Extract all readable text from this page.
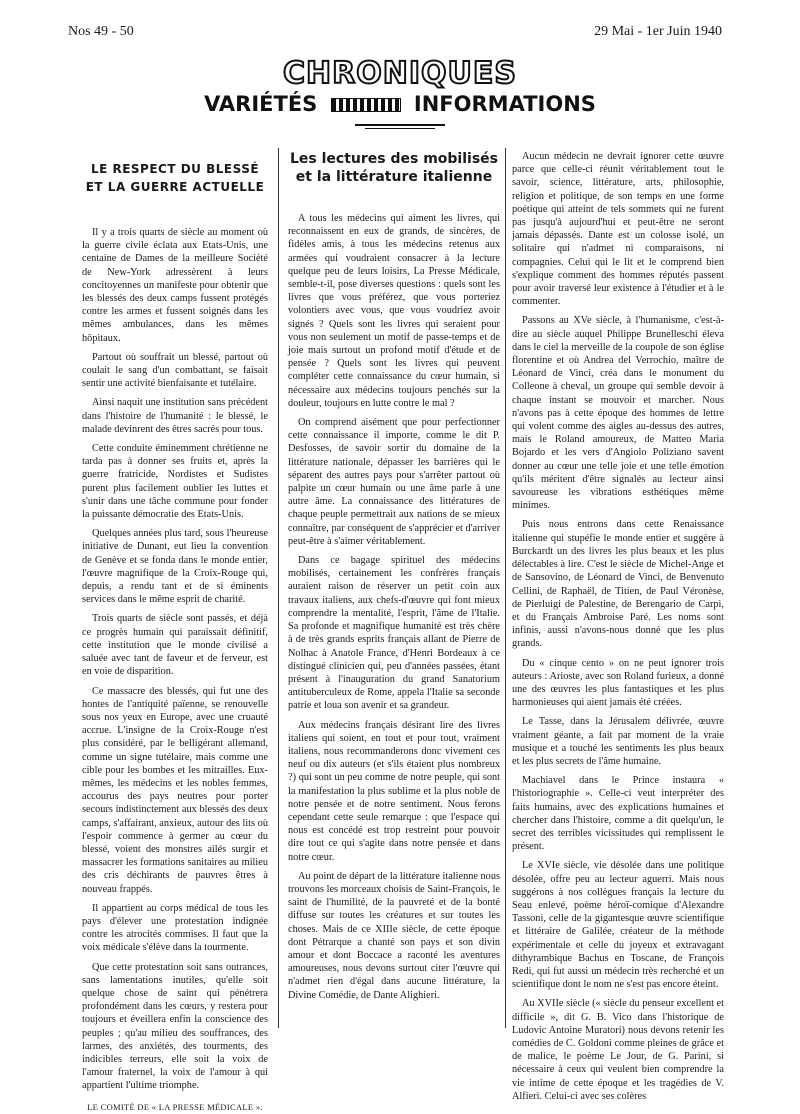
Nos 49 - 50	29 Mai - 1er Juin 1940
CHRONIQUES
VARIÉTÉS	INFORMATIONS
LE RESPECT DU BLESSÉ
ET LA GUERRE ACTUELLE

Il y a trois quarts de siècle au moment où la guerre civile éclata aux Etats-Unis, une centaine de Dames de la meilleure Société de New-York adressèrent à leurs concitoyennes un manifeste pour obtenir que les blessés des deux camps fussent protégés contre les armes et fussent soignés dans les mêmes ambulances, dans les mêmes hôpitaux.

Partout où souffrait un blessé, partout où coulait le sang d'un combattant, se faisait sentir une activité bienfaisante et tutélaire.

Ainsi naquit une institution sans précédent dans l'histoire de l'humanité : le blessé, le malade devinrent des êtres sacrés pour tous.

Cette conduite éminemment chrétienne ne tarda pas à donner ses fruits et, après la guerre fratricide, Nordistes et Sudistes purent plus facilement oublier les luttes et s'unir dans une tâche commune pour fonder la puissante démocratie des Etats-Unis.

Quelques années plus tard, sous l'heureuse initiative de Dunant, eut lieu la convention de Genève et se fonda dans le monde entier, l'œuvre magnifique de la Croix-Rouge qui, depuis, a rendu tant et de si éminents services dans le même esprit de charité.

Trois quarts de siècle sont passés, et déjà ce progrès humain qui paraissait définitif, cette institution que le monde civilisé a saluée avec tant de faveur et de ferveur, est en voie de disparition.

Ce massacre des blessés, qui fut une des hontes de l'antiquité païenne, se renouvelle sous nos yeux en Europe, avec une cruauté accrue. L'insigne de la Croix-Rouge n'est plus considéré, par le belligérant allemand, comme un signe tutélaire, mais comme une cible pour les bombes et les mitrailles. Eux-mêmes, les médecins et les nobles femmes, accourus des pays neutres pour porter secours indistinctement aux blessés des deux camps, s'affairant, anxieux, autour des lits où l'espoir commence à germer au cœur du blessé, voient des monstres ailés surgir et massacrer les formations sanitaires au milieu des cris déchirants de pauvres êtres à nouveau frappés.

Il appartient au corps médical de tous les pays d'élever une protestation indignée contre les atrocités commises. Il faut que la voix médicale s'élève dans la tourmente.

Que cette protestation soit sans outrances, sans lamentations inutiles, qu'elle soit quelque chose de saint qui pénétrera profondément dans les cœurs, y restera pour toujours et éveillera enfin la conscience des peuples ; qu'au milieu des souffrances, des larmes, des anxiétés, des tourments, des indicibles terreurs, elle soit la voix de l'amour fraternel, la voix de l'amour à qui appartient l'ultime triomphe.

LE COMITÉ DE « LA PRESSE MÉDICALE ».
Les lectures des mobilisés
et la littérature italienne

A tous les médecins qui aiment les livres, qui reconnaissent en eux de grands, de sincères, de fidèles amis, à tous les médecins retenus aux armées qui voudraient consacrer à la lecture quelque peu de leurs loisirs, La Presse Médicale, semble-t-il, pose diverses questions : quels sont les livres que vous préférez, que vous porteriez volontiers avec vous, que vous voudriez avoir signés ? Quels sont les livres qui seraient pour vous non seulement un motif de passe-temps et de joie mais surtout un profond motif d'étude et de pensée ? Quels sont les livres qui peuvent compléter cette connaissance du cœur humain, si nécessaire aux médecins toujours penchés sur la douleur, toujours en lutte contre le mal ?

On comprend aisément que pour perfectionner cette connaissance il importe, comme le dit P. Desfosses, de savoir sortir du domaine de la littérature nationale, dépasser les barrières qui le séparent des autres pays pour s'arrêter partout où palpite un cœur humain ou une âme parle à une autre âme. La connaissance des littératures de chaque peuple permettrait aux nations de se mieux connaître, par conséquent de s'apprécier et d'arriver peut-être à s'aimer véritablement.

Dans ce bagage spirituel des médecins mobilisés, certainement les confrères français auraient raison de réserver un petit coin aux travaux italiens, aux chefs-d'œuvre qui font mieux comprendre la mentalité, l'esprit, l'âme de l'Italie. Sa profonde et magnifique humanité est très chère à de très grands esprits français allant de Pierre de Nolhac à Anatole France, d'Henri Bordeaux à ce distingué clinicien qui, peu d'années passées, étant présent à l'inauguration du grand Sanatorium antituberculeux de Rome, appela l'Italie sa seconde patrie et loua son avenir et sa grandeur.

Aux médecins français désirant lire des livres italiens qui soient, en tout et pour tout, vraiment italiens, nous recommanderons donc vivement ces neuf ou dix auteurs (et s'ils étaient plus nombreux ?) qui sont un peu comme de notre peuple, qui sont la manifestation la plus sublime et la plus noble de notre pensée et de notre sentiment. Nous ferons cependant cette seule remarque : que l'espace qui nous est concédé est trop restreint pour pouvoir dire tout ce qui s'agite dans notre pensée et dans notre cœur.

Au point de départ de la littérature italienne nous trouvons les morceaux choisis de Saint-François, le saint de l'humilité, de la pauvreté et de la bonté diffuse sur toutes les créatures et sur toutes les choses. Mais de ce XIIIe siècle, de cette époque dont Pétrarque a chanté son pays et son divin amour et dont Boccace a raconté les aventures amoureuses, nous devons surtout citer l'œuvre qui n'admet rien d'égal dans aucune littérature, la Divine Comédie, de Dante Alighieri.

Aucun médecin ne devrait ignorer cette œuvre parce que celle-ci réunit véritablement tout le savoir, science, littérature, arts, philosophie, religion et politique, de son temps en une forme poétique qui atteint de tels sommets qui ne furent pas jusqu'à aujourd'hui et peut-être ne seront jamais dépassés. Dante est un colosse isolé, un solitaire qui n'admet ni comparaisons, ni compagnies. Celui qui le lit et le comprend bien s'explique comment des hommes réputés passent pour avoir traversé leur existence à l'étudier et à le commenter.

Passons au XVe siècle, à l'humanisme, c'est-à-dire au siècle auquel Philippe Brunelleschi éleva dans le ciel la merveille de la coupole de son église florentine et où Andrea del Verrochio, maître de Léonard de Vinci, créa dans le monument du Colleone à cheval, un groupe qui semble devoir à chaque instant se mouvoir et marcher. Nous n'avons pas à cette époque des hommes de lettre qui volent comme des aigles au-dessus des autres, mais le Roland amoureux, de Matteo Maria Bojardo et les vers d'Angiolo Poliziano savent donner au cœur une telle joie et une telle émotion qu'ils méritent d'être signalés au lecteur ainsi savoureuse les vibrations esthétiques même minimes.

Puis nous entrons dans cette Renaissance italienne qui stupéfie le monde entier et suggère à Burckardt un des livres les plus beaux et les plus délectables à lire. C'est le siècle de Michel-Ange et de Sansovino, de Léonard de Vinci, de Benvenuto Cellini, de Raphaël, de Titien, de Paul Véronèse, de Pierluigi de Palestine, de Berengario de Carpi, et du Français Ambroise Paré. Les noms sont infinis, aussi n'avons-nous donné que les plus grands.

Du « cinque cento » on ne peut ignorer trois auteurs : Arioste, avec son Roland furieux, a donné une des œuvres les plus fantastiques et les plus harmonieuses qui aient jamais été créées.

Le Tasse, dans la Jérusalem délivrée, œuvre vraiment géante, a fait par moment de la vraie musique et a touché les sentiments les plus beaux et les plus secrets de l'âme humaine.

Machiavel dans le Prince instaura « l'historiographie ». Celle-ci veut interpréter des faits humains, avec des explications humaines et chercher dans l'histoire, comme a dit quelqu'un, le secret des terribles vicissitudes qui remplissent le présent.

Le XVIe siècle, vie désolée dans une politique désolée, offre peu au lecteur aguerri. Mais nous suggérons à nos collègues français la lecture du Seau enlevé, poème héroï-comique d'Alexandre Tassoni, celle de la gigantesque œuvre scientifique et littéraire de Galilée, créateur de la méthode expérimentale et celle du joyeux et extravagant dithyrambique Bachus en Toscane, de François Redi, qui fut aussi un médecin très recherché et un scientifique dont le nom ne s'est pas encore éteint.

Au XVIIe siècle (« siècle du penseur excellent et difficile », dit G. B. Vico dans l'historique de Ludovic Antoine Muratori) nous devons retenir les comédies de C. Goldoni comme pleines de grâce et de malice, le poème Le Jour, de G. Parini, si nécessaire à ceux qui veulent bien comprendre la vie intime de cette époque et les tragédies de V. Alfieri. Celui-ci avec ses colères
